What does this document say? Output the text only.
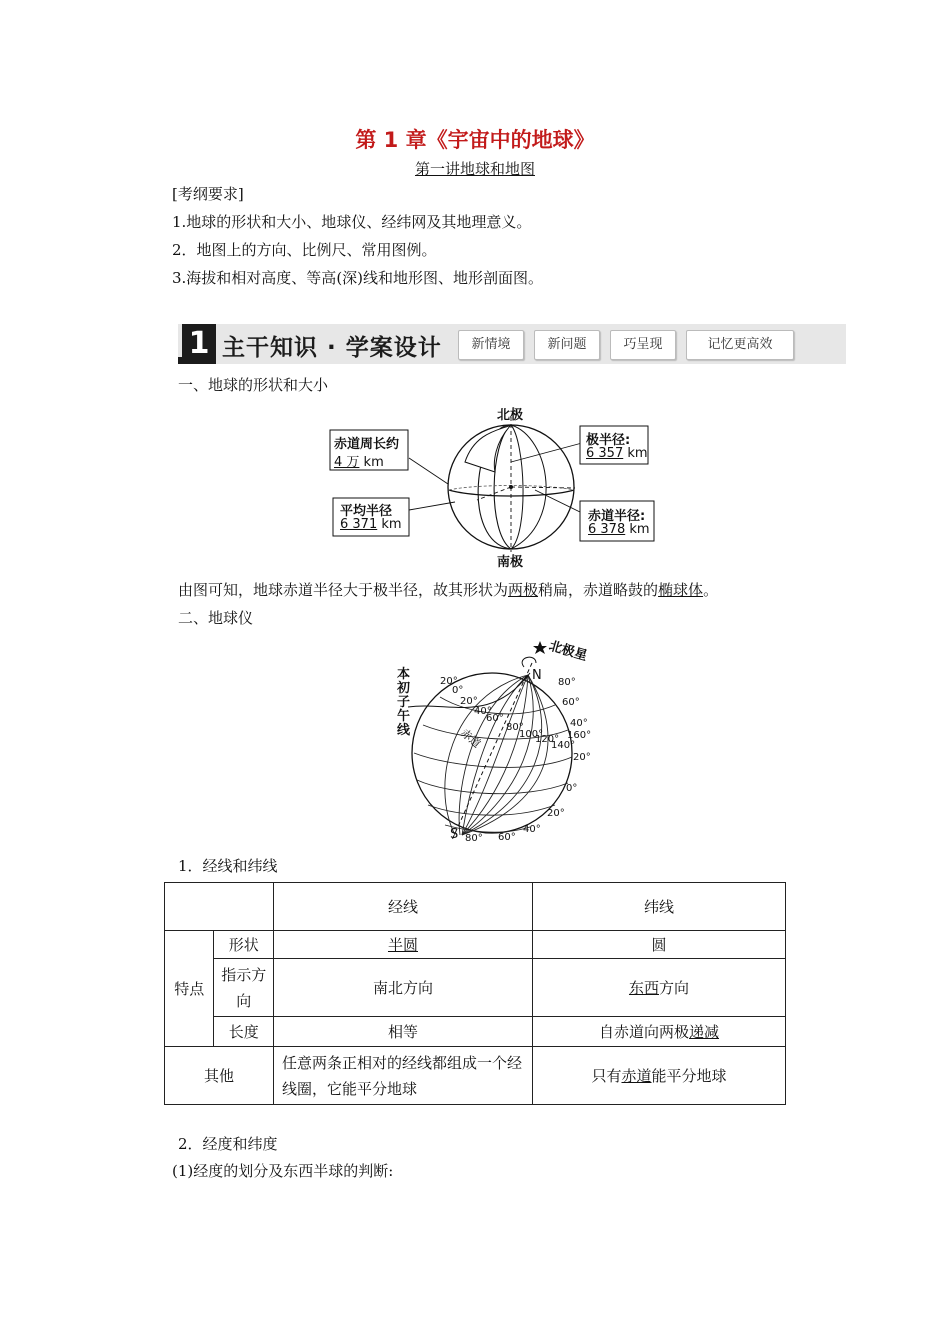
第 1 章《宇宙中的地球》
第一讲地球和地图
[考纲要求]
1.地球的形状和大小、地球仪、经纬网及其地理意义。
2．地图上的方向、比例尺、常用图例。
3.海拔和相对高度、等高(深)线和地形图、地形剖面图。
1 主干知识 · 学案设计	新情境	新问题	巧呈现	记忆更高效
一、地球的形状和大小
北极
南极
赤道周长约
4 万 km
平均半径
6 371 km
极半径:
6 357 km
赤道半径:
6 378 km
由图可知，地球赤道半径大于极半径，故其形状为两极稍扁，赤道略鼓的椭球体。
二、地球仪
北极星
N
S
本初子午线	赤道
20°
0°
20°
40°
60°
80°
100°
120°
140°
160°
80°
60°
40°
20°
0°
20°
40°
80° 60°
1．经线和纬线
		经线	纬线
特点	形状	半圆	圆
	指示方向	南北方向	东西方向
	长度	相等	自赤道向两极递减
其他		任意两条正相对的经线都组成一个经线圈，它能平分地球	只有赤道能平分地球
2．经度和纬度
(1)经度的划分及东西半球的判断:
